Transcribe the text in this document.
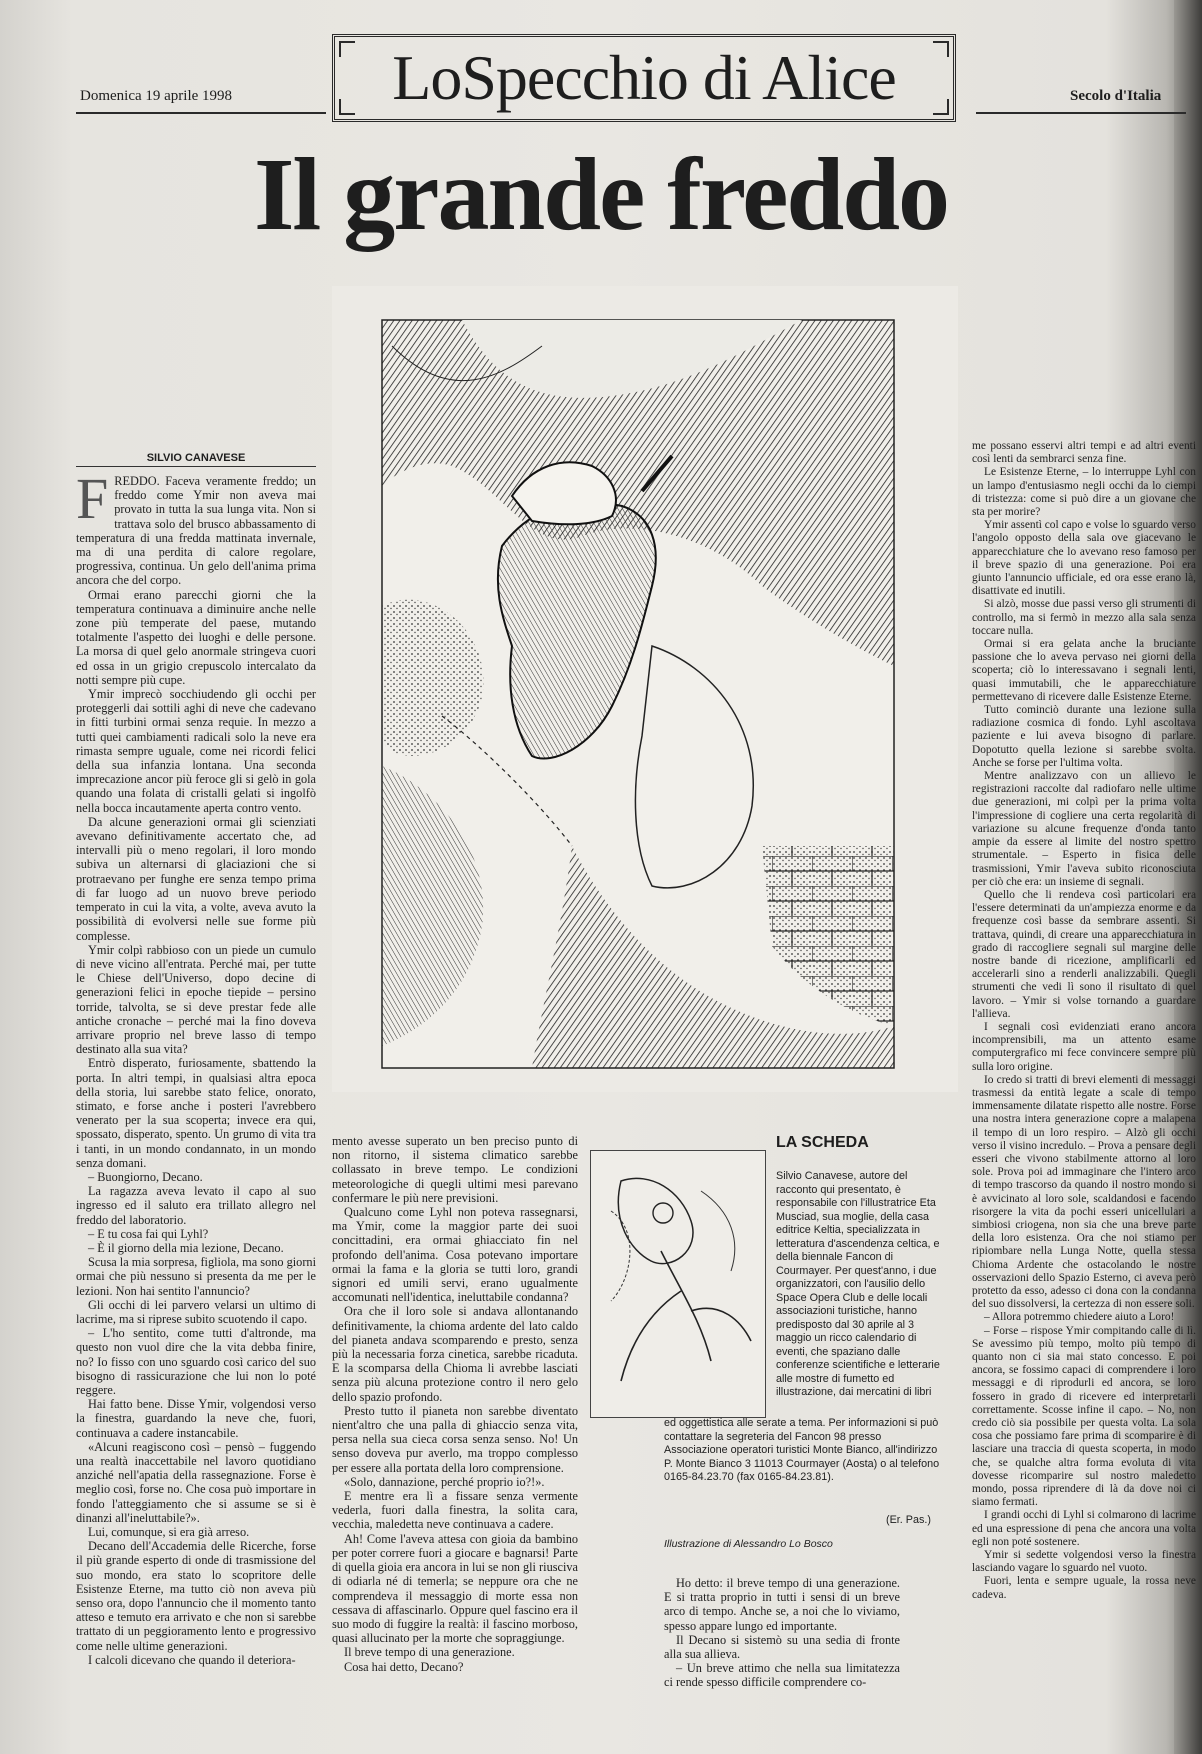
Domenica 19 aprile 1998	Secolo d'Italia
LoSpecchio di Alice
Il grande freddo
SILVIO CANAVESE
F REDDO. Faceva veramente freddo; un freddo come Ymir non aveva mai provato in tutta la sua lunga vita. Non si trattava solo del brusco abbassamento di temperatura di una fredda mattinata invernale, ma di una perdita di calore regolare, progressiva, continua. Un gelo dell'anima prima ancora che del corpo.

Ormai erano parecchi giorni che la temperatura continuava a diminuire anche nelle zone più temperate del paese, mutando totalmente l'aspetto dei luoghi e delle persone. La morsa di quel gelo anormale stringeva cuori ed ossa in un grigio crepuscolo intercalato da notti sempre più cupe.

Ymir imprecò socchiudendo gli occhi per proteggerli dai sottili aghi di neve che cadevano in fitti turbini ormai senza requie. In mezzo a tutti quei cambiamenti radicali solo la neve era rimasta sempre uguale, come nei ricordi felici della sua infanzia lontana. Una seconda imprecazione ancor più feroce gli si gelò in gola quando una folata di cristalli gelati si ingolfò nella bocca incautamente aperta contro vento.

Da alcune generazioni ormai gli scienziati avevano definitivamente accertato che, ad intervalli più o meno regolari, il loro mondo subiva un alternarsi di glaciazioni che si protraevano per funghe ere senza tempo prima di far luogo ad un nuovo breve periodo temperato in cui la vita, a volte, aveva avuto la possibilità di evolversi nelle sue forme più complesse.

Ymir colpì rabbioso con un piede un cumulo di neve vicino all'entrata. Perché mai, per tutte le Chiese dell'Universo, dopo decine di generazioni felici in epoche tiepide – persino torride, talvolta, se si deve prestar fede alle antiche cronache – perché mai la fino doveva arrivare proprio nel breve lasso di tempo destinato alla sua vita?

Entrò disperato, furiosamente, sbattendo la porta. In altri tempi, in qualsiasi altra epoca della storia, lui sarebbe stato felice, onorato, stimato, e forse anche i posteri l'avrebbero venerato per la sua scoperta; invece era qui, spossato, disperato, spento. Un grumo di vita tra i tanti, in un mondo condannato, in un mondo senza domani.

– Buongiorno, Decano.

La ragazza aveva levato il capo al suo ingresso ed il saluto era trillato allegro nel freddo del laboratorio.

– E tu cosa fai qui Lyhl?

– È il giorno della mia lezione, Decano.

Scusa la mia sorpresa, figliola, ma sono giorni ormai che più nessuno si presenta da me per le lezioni. Non hai sentito l'annuncio?

Gli occhi di lei parvero velarsi un ultimo di lacrime, ma si riprese subito scuotendo il capo.

– L'ho sentito, come tutti d'altronde, ma questo non vuol dire che la vita debba finire, no? Io fisso con uno sguardo così carico del suo bisogno di rassicurazione che lui non lo poté reggere.

Hai fatto bene. Disse Ymir, volgendosi verso la finestra, guardando la neve che, fuori, continuava a cadere instancabile.

«Alcuni reagiscono così – pensò – fuggendo una realtà inaccettabile nel lavoro quotidiano anziché nell'apatia della rassegnazione. Forse è meglio così, forse no. Che cosa può importare in fondo l'atteggiamento che si assume se si è dinanzi all'ineluttabile?».

Lui, comunque, si era già arreso.

Decano dell'Accademia delle Ricerche, forse il più grande esperto di onde di trasmissione del suo mondo, era stato lo scopritore delle Esistenze Eterne, ma tutto ciò non aveva più senso ora, dopo l'annuncio che il momento tanto atteso e temuto era arrivato e che non si sarebbe trattato di un peggioramento lento e progressivo come nelle ultime generazioni.

I calcoli dicevano che quando il deteriora-

mento avesse superato un ben preciso punto di non ritorno, il sistema climatico sarebbe collassato in breve tempo. Le condizioni meteorologiche di quegli ultimi mesi parevano confermare le più nere previsioni.

Qualcuno come Lyhl non poteva rassegnarsi, ma Ymir, come la maggior parte dei suoi concittadini, era ormai ghiacciato fin nel profondo dell'anima. Cosa potevano importare ormai la fama e la gloria se tutti loro, grandi signori ed umili servi, erano ugualmente accomunati nell'identica, ineluttabile condanna?

Ora che il loro sole si andava allontanando definitivamente, la chioma ardente del lato caldo del pianeta andava scomparendo e presto, senza più la necessaria forza cinetica, sarebbe ricaduta. E la scomparsa della Chioma li avrebbe lasciati senza più alcuna protezione contro il nero gelo dello spazio profondo.

Presto tutto il pianeta non sarebbe diventato nient'altro che una palla di ghiaccio senza vita, persa nella sua cieca corsa senza senso. No! Un senso doveva pur averlo, ma troppo complesso per essere alla portata della loro comprensione.

«Solo, dannazione, perché proprio io?!».

E mentre era lì a fissare senza vermente vederla, fuori dalla finestra, la solita cara, vecchia, maledetta neve continuava a cadere.

Ah! Come l'aveva attesa con gioia da bambino per poter correre fuori a giocare e bagnarsi! Parte di quella gioia era ancora in lui se non gli riusciva di odiarla né di temerla; se neppure ora che ne comprendeva il messaggio di morte essa non cessava di affascinarlo. Oppure quel fascino era il suo modo di fuggire la realtà: il fascino morboso, quasi allucinato per la morte che sopraggiunge.

Il breve tempo di una generazione.

Cosa hai detto, Decano?

Ho detto: il breve tempo di una generazione. E si tratta proprio in tutti i sensi di un breve arco di tempo. Anche se, a noi che lo viviamo, spesso appare lungo ed importante.

Il Decano si sistemò su una sedia di fronte alla sua allieva.

– Un breve attimo che nella sua limitatezza ci rende spesso difficile comprendere co-

me possano esservi altri tempi e ad altri eventi così lenti da sembrarci senza fine.

Le Esistenze Eterne, – lo interruppe Lyhl con un lampo d'entusiasmo negli occhi da lo ciempi di tristezza: come si può dire a un giovane che sta per morire?

Ymir assentì col capo e volse lo sguardo verso l'angolo opposto della sala ove giacevano le apparecchiature che lo avevano reso famoso per il breve spazio di una generazione. Poi era giunto l'annuncio ufficiale, ed ora esse erano là, disattivate ed inutili.

Si alzò, mosse due passi verso gli strumenti di controllo, ma si fermò in mezzo alla sala senza toccare nulla.

Ormai si era gelata anche la bruciante passione che lo aveva pervaso nei giorni della scoperta; ciò lo interessavano i segnali lenti, quasi immutabili, che le apparecchiature permettevano di ricevere dalle Esistenze Eterne.

Tutto cominciò durante una lezione sulla radiazione cosmica di fondo. Lyhl ascoltava paziente e lui aveva bisogno di parlare. Dopotutto quella lezione si sarebbe svolta. Anche se forse per l'ultima volta.

Mentre analizzavo con un allievo le registrazioni raccolte dal radiofaro nelle ultime due generazioni, mi colpì per la prima volta l'impressione di cogliere una certa regolarità di variazione su alcune frequenze d'onda tanto ampie da essere al limite del nostro spettro strumentale. – Esperto in fisica delle trasmissioni, Ymir l'aveva subito riconosciuta per ciò che era: un insieme di segnali.

Quello che li rendeva così particolari era l'essere determinati da un'ampiezza enorme e da frequenze così basse da sembrare assenti. Si trattava, quindi, di creare una apparecchiatura in grado di raccogliere segnali sul margine delle nostre bande di ricezione, amplificarli ed accelerarli sino a renderli analizzabili. Quegli strumenti che vedi lì sono il risultato di quel lavoro. – Ymir si volse tornando a guardare l'allieva.

I segnali così evidenziati erano ancora incomprensibili, ma un attento esame computergrafico mi fece convincere sempre più sulla loro origine.

Io credo si tratti di brevi elementi di messaggi trasmessi da entità legate a scale di tempo immensamente dilatate rispetto alle nostre. Forse una nostra intera generazione copre a malapena il tempo di un loro respiro. – Alzò gli occhi verso il visino incredulo. – Prova a pensare degli esseri che vivono stabilmente attorno al loro sole. Prova poi ad immaginare che l'intero arco di tempo trascorso da quando il nostro mondo si è avvicinato al loro sole, scaldandosi e facendo risorgere la vita da pochi esseri unicellulari a simbiosi criogena, non sia che una breve parte della loro esistenza. Ora che noi stiamo per ripiombare nella Lunga Notte, quella stessa Chioma Ardente che ostacolando le nostre osservazioni dello Spazio Esterno, ci aveva però protetto da esso, adesso ci dona con la condanna del suo dissolversi, la certezza di non essere soli.

– Allora potremmo chiedere aiuto a Loro!

– Forse – rispose Ymir compitando calle di lì. Se avessimo più tempo, molto più tempo di quanto non ci sia mai stato concesso. E poi ancora, se fossimo capaci di comprendere i loro messaggi e di riprodurli ed ancora, se loro fossero in grado di ricevere ed interpretarli correttamente. Scosse infine il capo. – No, non credo ciò sia possibile per questa volta. La sola cosa che possiamo fare prima di scomparire è di lasciare una traccia di questa scoperta, in modo che, se qualche altra forma evoluta di vita dovesse ricomparire sul nostro maledetto mondo, possa riprendere di là da dove noi ci siamo fermati.

I grandi occhi di Lyhl si colmarono di lacrime ed una espressione di pena che ancora una volta egli non poté sostenere.

Ymir si sedette volgendosi verso la finestra lasciando vagare lo sguardo nel vuoto.

Fuori, lenta e sempre uguale, la rossa neve cadeva.

LA SCHEDA
Silvio Canavese, autore del racconto qui presentato, è responsabile con l'illustratrice Eta Musciad, sua moglie, della casa editrice Keltia, specializzata in letteratura d'ascendenza celtica, e della biennale Fancon di Courmayer. Per quest'anno, i due organizzatori, con l'ausilio dello Space Opera Club e delle locali associazioni turistiche, hanno predisposto dal 30 aprile al 3 maggio un ricco calendario di eventi, che spaziano dalle conferenze scientifiche e letterarie alle mostre di fumetto ed illustrazione, dai mercatini di libri
ed oggettistica alle serate a tema. Per informazioni si può contattare la segreteria del Fancon 98 presso Associazione operatori turistici Monte Bianco, all'indirizzo P. Monte Bianco 3 11013 Courmayer (Aosta) o al telefono 0165-84.23.70 (fax 0165-84.23.81).
(Er. Pas.)
Illustrazione di Alessandro Lo Bosco
